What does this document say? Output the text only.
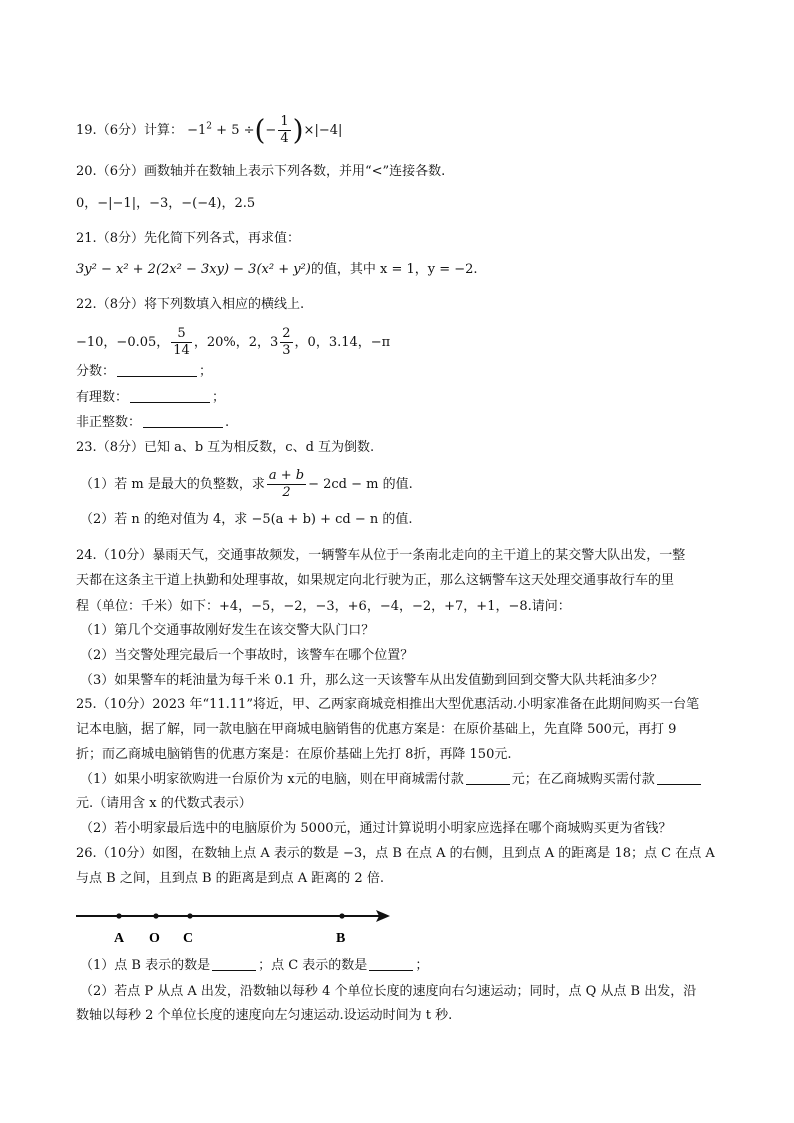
19.（6分）计算： $-1^2 + 5$ ÷(− $\frac{1}{4} )\times|-4|$
20.（6分）画数轴并在数轴上表示下列各数，并用“<”连接各数.
0，−|−1|，−3，−(−4)，2.5
21.（8分）先化简下列各式，再求值：
3y² − x² + 2(2x² − 3xy) − 3(x² + y²)的值，其中 x = 1，y = −2.
22.（8分）将下列数填入相应的横线上.
−10，−0.05， $\frac{5}{14}$ ，20%，2，$3 \frac{2}{3}$ ，0，3.14，−π
分数：	；
有理数：	；
非正整数：	.
23.（8分）已知 a、b 互为相反数，c、d 互为倒数.
（1）若 m 是最大的负整数，求 $\frac{a + b}{2} - 2cd - m$ 的值.
（2）若 n 的绝对值为 4，求 −5(a + b) + cd − n 的值.
24.（10分）暴雨天气，交通事故频发，一辆警车从位于一条南北走向的主干道上的某交警大队出发，一整
天都在这条主干道上执勤和处理事故，如果规定向北行驶为正，那么这辆警车这天处理交通事故行车的里
程（单位：千米）如下：+4，−5，−2，−3，+6，−4，−2，+7，+1，−8.请问：
（1）第几个交通事故刚好发生在该交警大队门口？
（2）当交警处理完最后一个事故时，该警车在哪个位置？
（3）如果警车的耗油量为每千米 0.1 升，那么这一天该警车从出发值勤到回到交警大队共耗油多少？
25.（10分）2023 年“11.11”将近，甲、乙两家商城竞相推出大型优惠活动.小明家准备在此期间购买一台笔
记本电脑，据了解，同一款电脑在甲商城电脑销售的优惠方案是：在原价基础上，先直降 500元，再打 9
折；而乙商城电脑销售的优惠方案是：在原价基础上先打 8折，再降 150元.
（1）如果小明家欲购进一台原价为 x元的电脑，则在甲商城需付款	元；在乙商城购买需付款
元.（请用含 x 的代数式表示）
（2）若小明家最后选中的电脑原价为 5000元，通过计算说明小明家应选择在哪个商城购买更为省钱？
26.（10分）如图，在数轴上点 A 表示的数是 −3，点 B 在点 A 的右侧，且到点 A 的距离是 18；点 C 在点 A
与点 B 之间，且到点 B 的距离是到点 A 距离的 2 倍.
A O C	B
（1）点 B 表示的数是	；点 C 表示的数是	；
（2）若点 P 从点 A 出发，沿数轴以每秒 4 个单位长度的速度向右匀速运动；同时，点 Q 从点 B 出发，沿
数轴以每秒 2 个单位长度的速度向左匀速运动.设运动时间为 t 秒.
